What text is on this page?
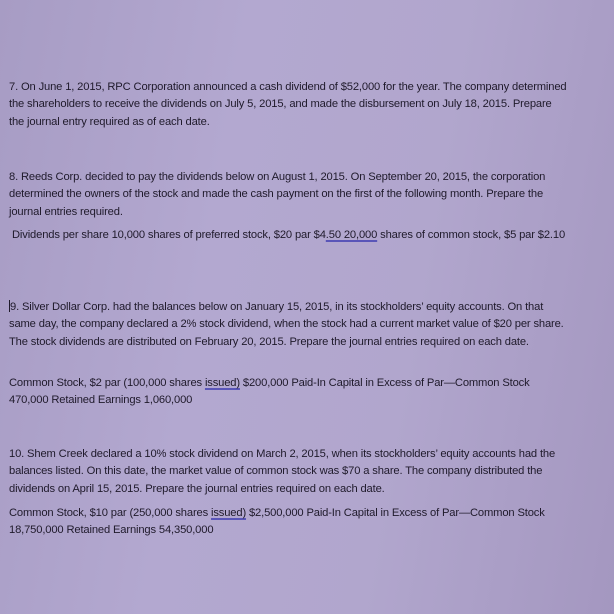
7. On June 1, 2015, RPC Corporation announced a cash dividend of $52,000 for the year. The company determined the shareholders to receive the dividends on July 5, 2015, and made the disbursement on July 18, 2015. Prepare the journal entry required as of each date.

8. Reeds Corp. decided to pay the dividends below on August 1, 2015. On September 20, 2015, the corporation determined the owners of the stock and made the cash payment on the first of the following month. Prepare the journal entries required.

Dividends per share 10,000 shares of preferred stock, $20 par $4.50 20,000 shares of common stock, $5 par $2.10

9. Silver Dollar Corp. had the balances below on January 15, 2015, in its stockholders’ equity accounts. On that same day, the company declared a 2% stock dividend, when the stock had a current market value of $20 per share. The stock dividends are distributed on February 20, 2015. Prepare the journal entries required on each date.

Common Stock, $2 par (100,000 shares issued) $200,000 Paid-In Capital in Excess of Par—Common Stock 470,000 Retained Earnings 1,060,000

10. Shem Creek declared a 10% stock dividend on March 2, 2015, when its stockholders’ equity accounts had the balances listed. On this date, the market value of common stock was $70 a share. The company distributed the dividends on April 15, 2015. Prepare the journal entries required on each date.

Common Stock, $10 par (250,000 shares issued) $2,500,000 Paid-In Capital in Excess of Par—Common Stock 18,750,000 Retained Earnings 54,350,000
